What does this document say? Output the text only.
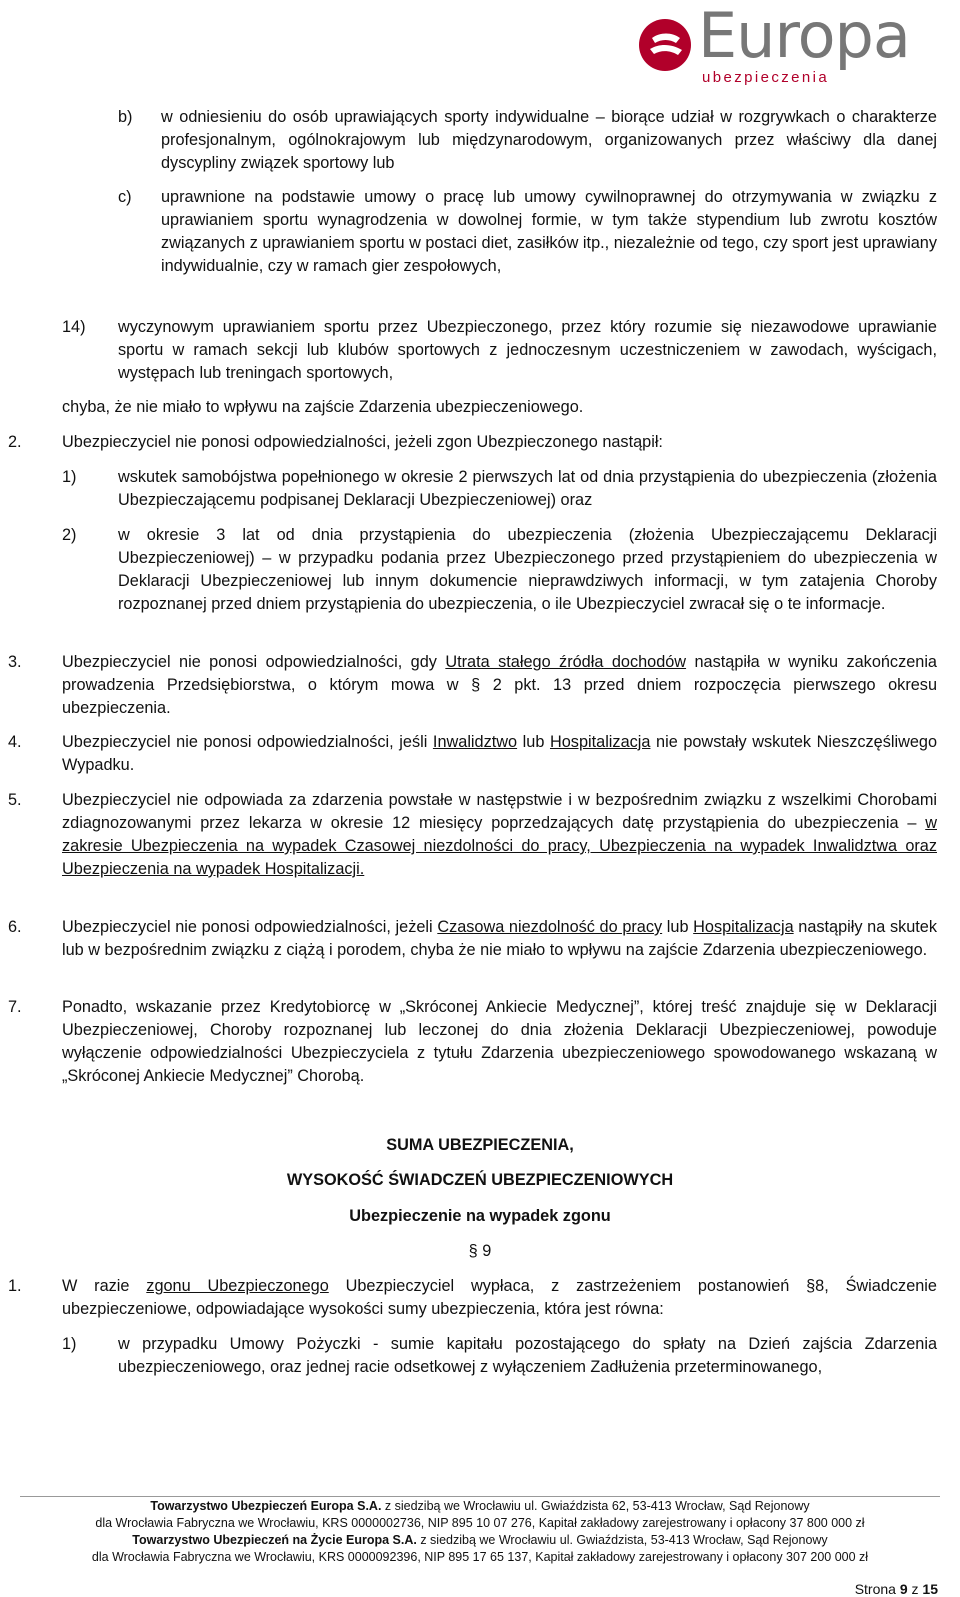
Europa
ubezpieczenia
b) w odniesieniu do osób uprawiających sporty indywidualne – biorące udział w rozgrywkach o charakterze profesjonalnym, ogólnokrajowym lub międzynarodowym, organizowanych przez właściwy dla danej dyscypliny związek sportowy lub
c) uprawnione na podstawie umowy o pracę lub umowy cywilnoprawnej do otrzymywania w związku z uprawianiem sportu wynagrodzenia w dowolnej formie, w tym także stypendium lub zwrotu kosztów związanych z uprawianiem sportu w postaci diet, zasiłków itp., niezależnie od tego, czy sport jest uprawiany indywidualnie, czy w ramach gier zespołowych,
14) wyczynowym uprawianiem sportu przez Ubezpieczonego, przez który rozumie się niezawodowe uprawianie sportu w ramach sekcji lub klubów sportowych z jednoczesnym uczestniczeniem w zawodach, wyścigach, występach lub treningach sportowych,
chyba, że nie miało to wpływu na zajście Zdarzenia ubezpieczeniowego.
2. Ubezpieczyciel nie ponosi odpowiedzialności, jeżeli zgon Ubezpieczonego nastąpił:
1)	wskutek samobójstwa popełnionego w okresie 2 pierwszych lat od dnia przystąpienia do ubezpieczenia (złożenia Ubezpieczającemu podpisanej Deklaracji Ubezpieczeniowej) oraz
2)	w okresie 3 lat od dnia przystąpienia do ubezpieczenia (złożenia Ubezpieczającemu Deklaracji Ubezpieczeniowej) – w przypadku podania przez Ubezpieczonego przed przystąpieniem do ubezpieczenia w Deklaracji Ubezpieczeniowej lub innym dokumencie nieprawdziwych informacji, w tym zatajenia Choroby rozpoznanej przed dniem przystąpienia do ubezpieczenia, o ile Ubezpieczyciel zwracał się o te informacje.
3. Ubezpieczyciel nie ponosi odpowiedzialności, gdy Utrata stałego źródła dochodów nastąpiła w wyniku zakończenia prowadzenia Przedsiębiorstwa, o którym mowa w § 2 pkt. 13 przed dniem rozpoczęcia pierwszego okresu ubezpieczenia.
4. Ubezpieczyciel nie ponosi odpowiedzialności, jeśli Inwalidztwo lub Hospitalizacja nie powstały wskutek Nieszczęśliwego Wypadku.
5. Ubezpieczyciel nie odpowiada za zdarzenia powstałe w następstwie i w bezpośrednim związku z wszelkimi Chorobami zdiagnozowanymi przez lekarza w okresie 12 miesięcy poprzedzających datę przystąpienia do ubezpieczenia – w zakresie Ubezpieczenia na wypadek Czasowej niezdolności do pracy, Ubezpieczenia na wypadek Inwalidztwa oraz Ubezpieczenia na wypadek Hospitalizacji.
6. Ubezpieczyciel nie ponosi odpowiedzialności, jeżeli Czasowa niezdolność do pracy lub Hospitalizacja nastąpiły na skutek lub w bezpośrednim związku z ciążą i porodem, chyba że nie miało to wpływu na zajście Zdarzenia ubezpieczeniowego.
7. Ponadto, wskazanie przez Kredytobiorcę w „Skróconej Ankiecie Medycznej”, której treść znajduje się w Deklaracji Ubezpieczeniowej, Choroby rozpoznanej lub leczonej do dnia złożenia Deklaracji Ubezpieczeniowej, powoduje wyłączenie odpowiedzialności Ubezpieczyciela z tytułu Zdarzenia ubezpieczeniowego spowodowanego wskazaną w „Skróconej Ankiecie Medycznej” Chorobą.
SUMA UBEZPIECZENIA,
WYSOKOŚĆ ŚWIADCZEŃ UBEZPIECZENIOWYCH
Ubezpieczenie na wypadek zgonu
§ 9
1. W razie zgonu Ubezpieczonego Ubezpieczyciel wypłaca, z zastrzeżeniem postanowień §8, Świadczenie ubezpieczeniowe, odpowiadające wysokości sumy ubezpieczenia, która jest równa:
1)	w przypadku Umowy Pożyczki - sumie kapitału pozostającego do spłaty na Dzień zajścia Zdarzenia ubezpieczeniowego, oraz jednej racie odsetkowej z wyłączeniem Zadłużenia przeterminowanego,
Towarzystwo Ubezpieczeń Europa S.A. z siedzibą we Wrocławiu ul. Gwiaździsta 62, 53-413 Wrocław, Sąd Rejonowy
dla Wrocławia Fabryczna we Wrocławiu, KRS 0000002736, NIP 895 10 07 276, Kapitał zakładowy zarejestrowany i opłacony 37 800 000 zł
Towarzystwo Ubezpieczeń na Życie Europa S.A. z siedzibą we Wrocławiu ul. Gwiaździsta, 53-413 Wrocław, Sąd Rejonowy
dla Wrocławia Fabryczna we Wrocławiu, KRS 0000092396, NIP 895 17 65 137, Kapitał zakładowy zarejestrowany i opłacony 307 200 000 zł
Strona 9 z 15
